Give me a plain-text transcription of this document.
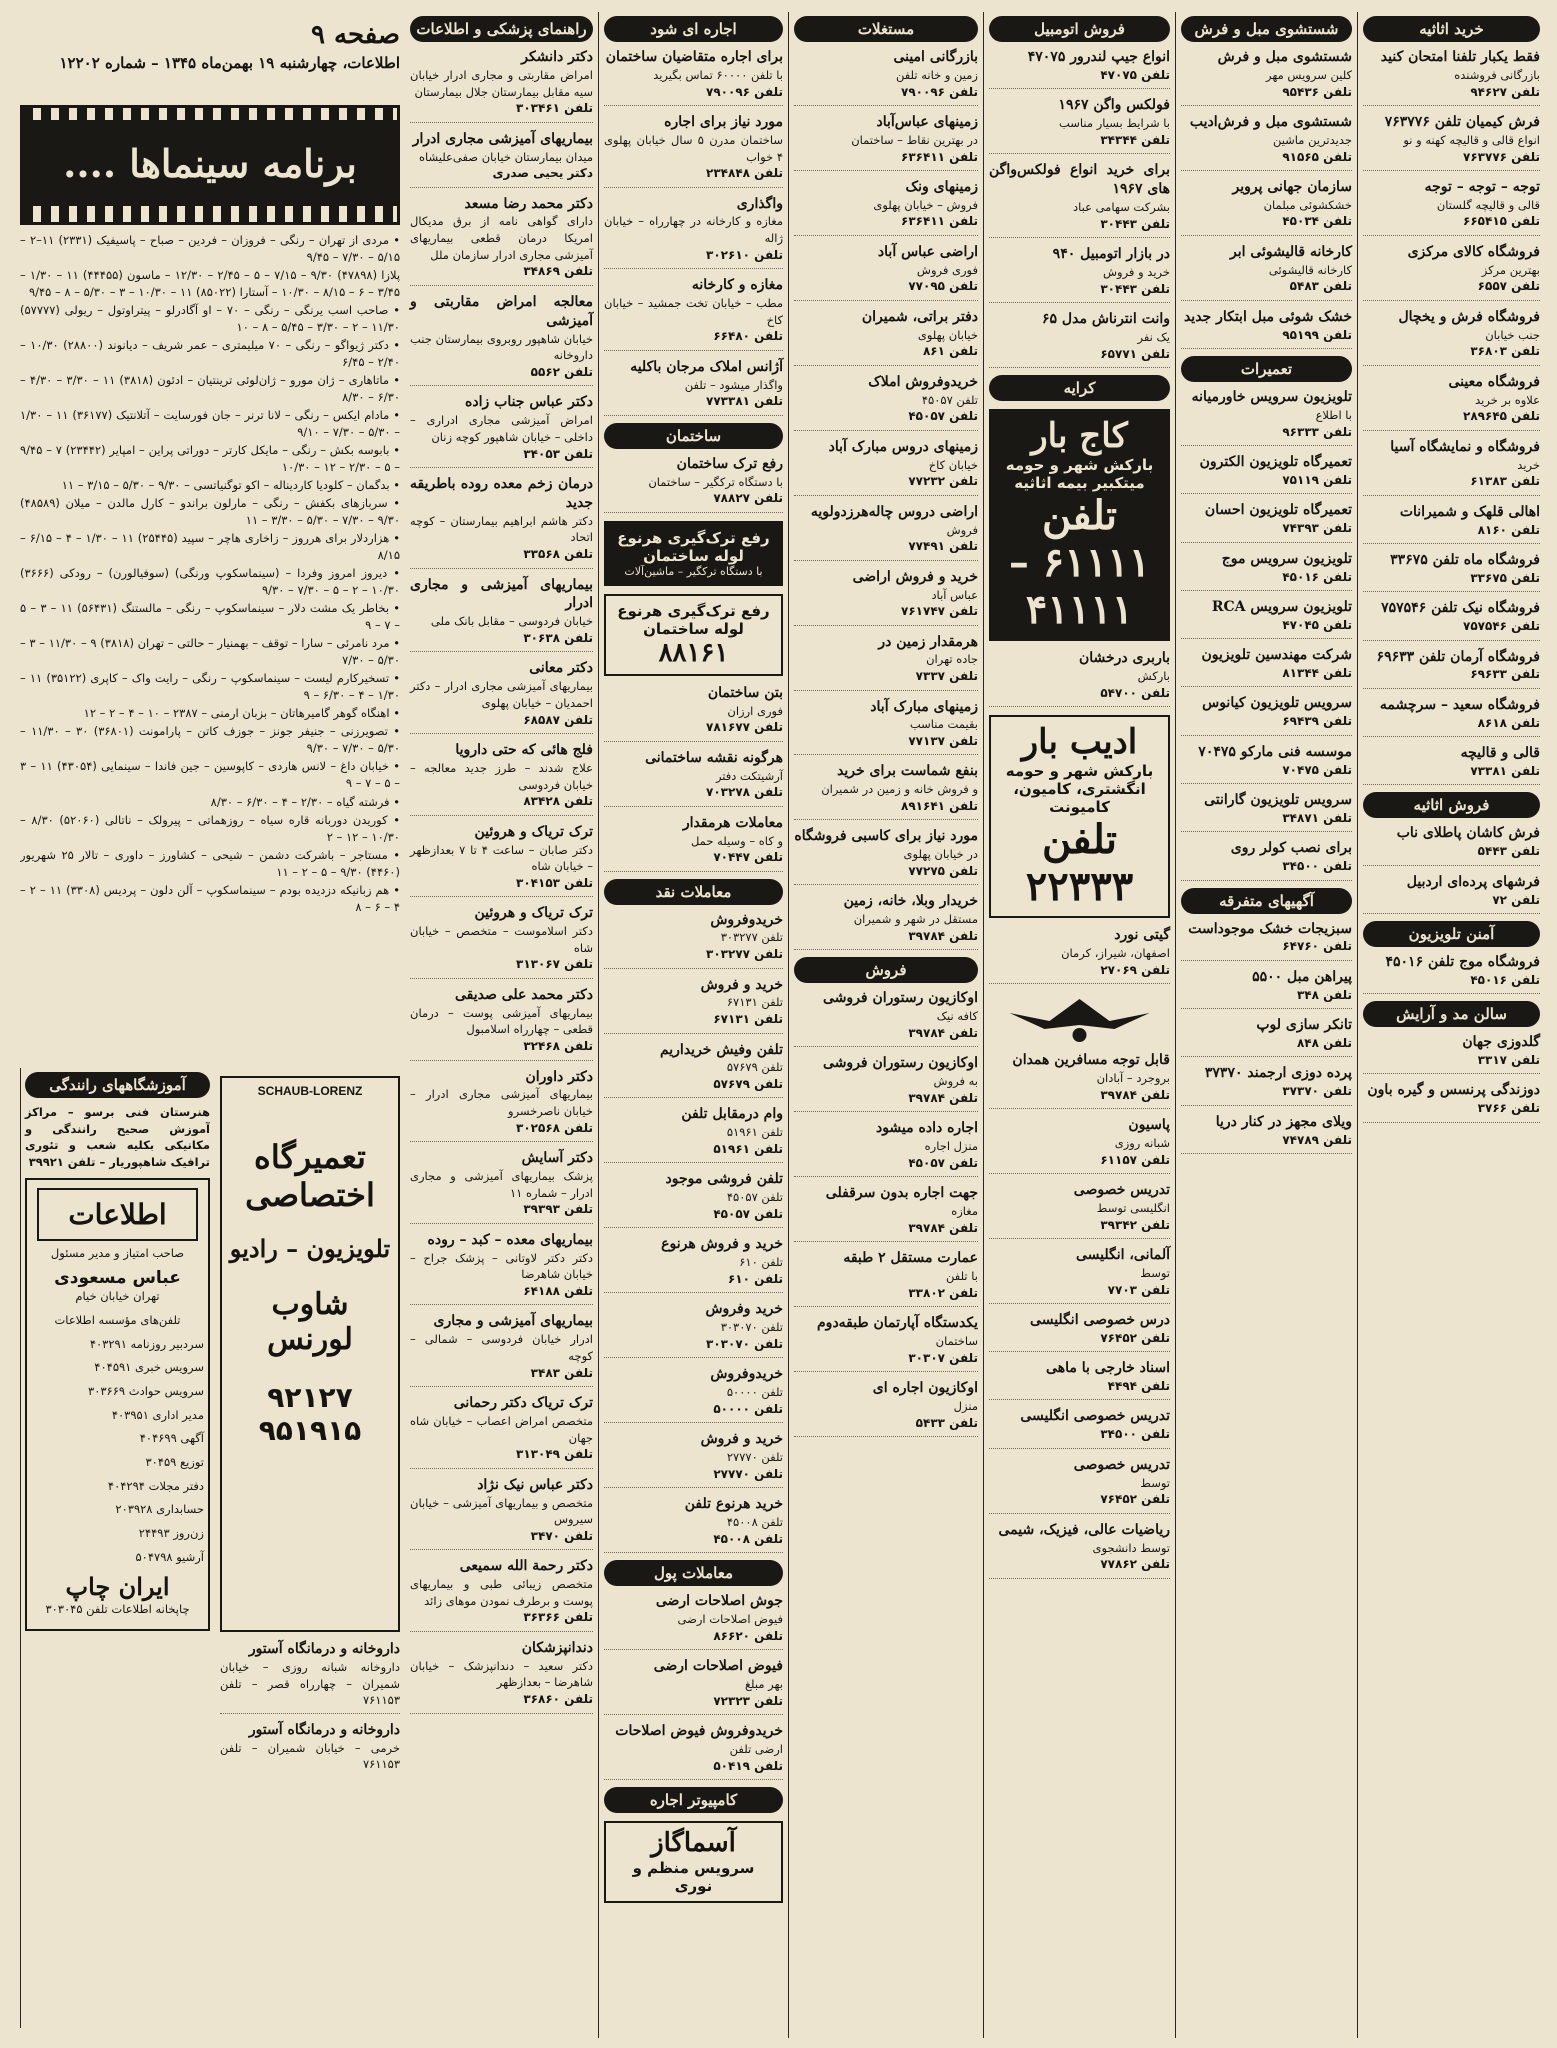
صفحه ۹
اطلاعات، چهارشنبه ۱۹ بهمن‌ماه ۱۳۴۵ – شماره ۱۲۲۰۲
برنامه سینماها ....

• مردی از تهران – رنگی – فروزان – فردین – صباح – پاسیفیک (۲۳۳۱) ۱۱–۲ – ۵/۱۵ – ۷/۳۰ – ۹/۴۵

پلازا (۴۷۸۹۸) ۹/۳۰ – ۷/۱۵ – ۵ – ۲/۴۵ – ۱۲/۳۰ – ماسون (۴۴۴۵۵) ۱۱ – ۱/۳۰ – ۳/۴۵ – ۶ – ۸/۱۵ – ۱۰/۳۰ – آستارا (۸۵۰۲۲) ۱۱ – ۱۰/۳۰ – ۳ – ۵/۳۰ – ۸ – ۹/۴۵

• صاحب اسب یرنگی – رنگی – ۷۰ – او آگادرلو – پیتراوتول – ریولی (۵۷۷۷۷) ۱۱/۳۰ – ۲ – ۳/۳۰ – ۵/۴۵ – ۸ – ۱۰

• دکتر ژیواگو – رنگی – ۷۰ میلیمتری – عمر شریف – دیانوند (۲۸۸۰۰) ۱۰/۳۰ – ۲/۴۰ – ۶/۴۵

• ماتاهاری – ژان مورو – ژان‌لوئی ترینتیان – ادئون (۳۸۱۸) ۱۱ – ۳/۳۰ – ۴/۳۰ – ۶/۳۰ – ۸/۳۰

• مادام ایکس – رنگی – لانا ترنر – جان فورسایت – آتلانتیک (۳۶۱۷۷) ۱۱ – ۱/۳۰ – ۵/۳۰ – ۷/۳۰ – ۹/۱۰

• بابوسه بکش – رنگی – مایکل کارتر – دوراتی پراین – امپایر (۲۳۴۴۲) ۷ – ۹/۴۵ – ۵ – ۲/۳۰ – ۱۲ – ۱۰/۳۰

• بدگمان – کلودیا کاردیناله – اکو توگنیاتسی – ۹/۳۰ – ۵/۳۰ – ۳/۱۵ – ۱۱

• سربازهای بکفش – رنگی – مارلون براندو – کارل مالدن – میلان (۴۸۵۸۹) ۹/۳۰ – ۷/۳۰ – ۵/۳۰ – ۳/۳۰ – ۱۱

• هزاردلار برای هرروز – زاخاری هاچر – سپید (۲۵۴۴۵) ۱۱ – ۱/۳۰ – ۴ – ۶/۱۵ – ۸/۱۵

• دیروز امروز وفردا – (سینماسکوپ ورنگی) (سوفیالورن) – رودکی (۳۶۶۶) ۱۰/۳۰ – ۲ – ۵ – ۷/۳۰ – ۹/۳۰

• بخاطر یک مشت دلار – سینماسکوپ – رنگی – مالستنگ (۵۶۴۳۱) ۱۱ – ۳ – ۵ – ۷ – ۹

• مرد نامرئی – سارا – توقف – بهمنیار – حالتی – تهران (۳۸۱۸) ۹ – ۱۱/۳۰ – ۳ – ۵/۳۰ – ۷/۳۰

• تسخیرکارم لیست – سینماسکوپ – رنگی – رایت واک – کاپری (۳۵۱۲۲) ۱۱ – ۱/۳۰ – ۴ – ۶/۳۰ – ۹

• اهنگاه گوهر گامیرهاتان – بزبان ارمنی – ۲۳۸۷ – ۱۰ – ۴ – ۲ – ۱۲

• تصویرزنی – جنیفر جونز – جوزف کاتن – پارامونت (۳۶۸۰۱) ۳۰ – ۱۱/۳۰ – ۵/۳۰ – ۷/۳۰ – ۹/۳۰

• خیابان داغ – لانس هاردی – کاپوسین – جین فاندا – سینمایی (۴۳۰۵۴) ۱۱ – ۳ – ۵ – ۷ – ۹

• فرشته گیاه – ۲/۳۰ – ۴ – ۶/۳۰ – ۸/۳۰

• کوریدن دوربانه قاره سیاه – روزهماتی – پیرولک – ناتالی (۵۲۰۶۰) ۸/۳۰ – ۱۰/۳۰ – ۱۲ – ۲

• مستاجر – باشرکت دشمن – شیحی – کشاورز – داوری – تالار ۲۵ شهریور (۴۴۶۰) ۹/۳۰ – ۵ – ۲ – ۱۱

• هم زبانیکه دزدیده بودم – سینماسکوپ – آلن دلون – پردیس (۳۳۰۸) ۱۱ – ۲ – ۴ – ۶ – ۸

آموزشگاههای رانندگی
هنرستان فنی برسو – مراکز آموزش صحیح رانندگی و مکانیکی بکلیه شعب و تئوری ترافیک شاهپوریار – تلفن ۳۹۹۲۱
اطلاعات
صاحب امتیاز و مدیر مسئول
عباس مسعودی
تهران خیابان خیام
تلفن‌های مؤسسه اطلاعات
سردبیر روزنامه ۴۰۳۲۹۱
سرویس خبری ۴۰۴۵۹۱
سرویس حوادث ۳۰۳۶۶۹
مدیر اداری ۴۰۳۹۵۱
آگهی ۴۰۴۶۹۹
توزیع ۳۰۴۵۹
دفتر مجلات ۴۰۴۲۹۴
حسابداری ۲۰۳۹۲۸
زن‌روز ۲۴۴۹۳
آرشیو ۵۰۴۷۹۸
ایران چاپ
چاپخانه اطلاعات تلفن ۳۰۳۰۴۵
SCHAUB-LORENZ
تعمیرگاه اختصاصی
تلویزیون – رادیو
شاوب لورنس
۹۲۱۲۷
۹۵۱۹۱۵
داروخانه و درمانگاه آستور
داروخانه شبانه روزی – خیابان شمیران – چهارراه قصر – تلفن ۷۶۱۱۵۳
داروخانه و درمانگاه آستور
خرمی – خیابان شمیران – تلفن ۷۶۱۱۵۳
خرید اثاثیه
فقط یکبار تلفنا امتحان کنید
بازرگانی فروشنده
تلفن ۹۴۶۲۷
فرش کیمیان تلفن ۷۶۳۷۷۶
انواع قالی و قالیچه کهنه و نو
تلفن ۷۶۳۷۷۶
توجه – توجه – توجه
قالی و قالیچه گلستان
تلفن ۶۶۵۴۱۵
فروشگاه کالای مرکزی
بهترین مرکز
تلفن ۶۵۵۷
فروشگاه فرش و یخچال
جنب خیابان
تلفن ۳۶۸۰۳
فروشگاه معینی
علاوه بر خرید
تلفن ۲۸۹۶۴۵
فروشگاه و نمایشگاه آسیا
خرید
تلفن ۶۱۳۸۳
اهالی قلهک و شمیرانات
تلفن ۸۱۶۰
فروشگاه ماه تلفن ۳۳۶۷۵
تلفن ۳۳۶۷۵
فروشگاه نیک تلفن ۷۵۷۵۴۶
تلفن ۷۵۷۵۴۶
فروشگاه آرمان تلفن ۶۹۶۳۳
تلفن ۶۹۶۳۳
فروشگاه سعید – سرچشمه
تلفن ۸۶۱۸
قالی و قالیچه
تلفن ۷۳۳۸۱
فروش اثاثیه
فرش کاشان پاطلای ناب
تلفن ۵۴۴۳
فرشهای پرده‌ای اردبیل
تلفن ۷۲
آمنن تلویزیون
فروشگاه موج تلفن ۴۵۰۱۶
تلفن ۴۵۰۱۶
سالن مد و آرایش
گلدوزی جهان
تلفن ۳۳۱۷
دوزندگی پرنسس و گیره باون
تلفن ۳۷۶۶
شستشوی مبل و فرش
شستشوی مبل و فرش
کلین سرویس مهر
تلفن ۹۵۴۳۶
شستشوی مبل و فرش‌ادیب
جدیدترین ماشین
تلفن ۹۱۵۶۵
سازمان جهانی پرویر
خشکشوئی مبلمان
تلفن ۴۵۰۳۴
کارخانه قالیشوئی ابر
کارخانه قالیشوئی
تلفن ۵۴۸۳
خشک شوئی مبل ابتکار جدید
تلفن ۹۵۱۹۹
تعمیرات
تلویزیون سرویس خاورمیانه
با اطلاع
تلفن ۹۶۳۳۳
تعمیرگاه تلویزیون الکترون
تلفن ۷۵۱۱۹
تعمیرگاه تلویزیون احسان
تلفن ۷۴۳۹۳
تلویزیون سرویس موج
تلفن ۴۵۰۱۶
تلویزیون سرویس RCA
تلفن ۴۷۰۴۵
شرکت مهندسین تلویزیون
تلفن ۸۱۳۴۴
سرویس تلویزیون کیانوس
تلفن ۶۹۴۳۹
موسسه فنی مارکو ۷۰۴۷۵
تلفن ۷۰۴۷۵
سرویس تلویزیون گارانتی
تلفن ۳۴۸۷۱
برای نصب کولر روی
تلفن ۳۴۵۰۰
آگهیهای متفرقه
سبزیجات خشک موجوداست
تلفن ۶۴۷۶۰
پیراهن مبل ۵۵۰۰
تلفن ۳۴۸
تانکر سازی لوپ
تلفن ۸۴۸
پرده دوزی ارجمند ۳۷۳۷۰
تلفن ۳۷۳۷۰
ویلای مجهز در کنار دریا
تلفن ۷۴۷۸۹
فروش اتومبیل
انواع جیپ لندرور ۴۷۰۷۵
تلفن ۴۷۰۷۵
فولکس واگن ۱۹۶۷
با شرایط بسیار مناسب
تلفن ۳۴۳۴۴
برای خرید انواع فولکس‌واگن های ۱۹۶۷
بشرکت سهامی عباد
تلفن ۳۰۴۴۳
در بازار اتومبیل ۹۴۰
خرید و فروش
تلفن ۳۰۴۴۳
وانت انترناش مدل ۶۵
یک نفر
تلفن ۶۵۷۷۱
کرایه
کاج بار
بارکش شهر و حومه
میتکبیر بیمه اثاثیه
تلفن ۶۱۱۱۱ – ۴۱۱۱۱
باربری درخشان
بارکش
تلفن ۵۴۷۰۰
ادیب بار
بارکش شهر و حومه
انگشتری، کامیون، کامیونت
تلفن ۲۲۳۳۳
گیتی نورد
اصفهان، شیراز، کرمان
تلفن ۲۷۰۶۹
قابل توجه مسافرین همدان
بروجرد – آبادان
تلفن ۳۹۷۸۴
پاسیون
شبانه روزی
تلفن ۶۱۱۵۷
تدریس خصوصی
انگلیسی توسط
تلفن ۳۹۳۴۲
آلمانی، انگلیسی
توسط
تلفن ۷۷۰۳
درس خصوصی انگلیسی
تلفن ۷۶۴۵۲
اسناد خارجی با ماهی
تلفن ۴۴۹۴
تدریس خصوصی انگلیسی
تلفن ۳۴۵۰۰
تدریس خصوصی
توسط
تلفن ۷۶۴۵۲
ریاضیات عالی، فیزیک، شیمی
توسط دانشجوی
تلفن ۷۷۸۶۲
مستغلات
بازرگانی امینی
زمین و خانه تلفن
تلفن ۷۹۰۰۹۶
زمینهای عباس‌آباد
در بهترین نقاط – ساختمان
تلفن ۶۳۶۴۱۱
زمینهای ونک
فروش – خیابان پهلوی
تلفن ۶۳۶۴۱۱
اراضی عباس آباد
فوری فروش
تلفن ۷۷۰۹۵
دفتر براتی، شمیران
خیابان پهلوی
تلفن ۸۶۱
خریدوفروش املاک
تلفن ۴۵۰۵۷
تلفن ۴۵۰۵۷
زمینهای دروس مبارک آباد
خیابان کاخ
تلفن ۷۷۲۳۲
اراضی دروس چاله‌هرزدولویه
فروش
تلفن ۷۷۴۹۱
خرید و فروش اراضی
عباس آباد
تلفن ۷۶۱۷۴۷
هرمقدار زمین در
جاده تهران
تلفن ۷۳۳۷
زمینهای مبارک آباد
بقیمت مناسب
تلفن ۷۷۱۳۷
بنفع شماست برای خرید
و فروش خانه و زمین در شمیران
تلفن ۸۹۱۶۴۱
مورد نیاز برای کاسبی فروشگاه
در خیابان پهلوی
تلفن ۷۷۲۷۵
خریدار وبلا، خانه، زمین
مستقل در شهر و شمیران
تلفن ۳۹۷۸۴
فروش
اوکازیون رستوران فروشی
کافه نیک
تلفن ۳۹۷۸۴
اوکازیون رستوران فروشی
به فروش
تلفن ۳۹۷۸۴
اجاره داده میشود
منزل اجاره
تلفن ۴۵۰۵۷
جهت اجاره بدون سرقفلی
مغازه
تلفن ۳۹۷۸۴
عمارت مستقل ۲ طبقه
با تلفن
تلفن ۳۳۸۰۲
یکدستگاه آپارتمان طبقه‌دوم
ساختمان
تلفن ۳۰۳۰۷
اوکازیون اجاره ای
منزل
تلفن ۵۴۳۳
اجاره ای شود
برای اجاره متقاضیان ساختمان
با تلفن ۶۰۰۰۰ تماس بگیرید
تلفن ۷۹۰۰۹۶
مورد نیاز برای اجاره
ساختمان مدرن ۵ سال خیابان پهلوی ۴ خواب
تلفن ۲۳۴۸۴۸
واگذاری
مغازه و کارخانه در چهارراه – خیابان ژاله
تلفن ۳۰۲۶۱۰
مغازه و کارخانه
مطب – خیابان تخت جمشید – خیابان کاخ
تلفن ۶۶۴۸۰
آژانس املاک مرجان باکلیه
واگذار میشود – تلفن
تلفن ۷۷۳۳۸۱
ساختمان
رفع ترک ساختمان
با دستگاه ترکگیر – ساختمان
تلفن ۷۸۸۲۷
رفع ترک‌گیری هرنوع لوله ساختمان
با دستگاه ترکگیر – ماشین‌آلات
رفع ترک‌گیری هرنوع لوله ساختمان
۸۸۱۶۱
بتن ساختمان
فوری ارزان
تلفن ۷۸۱۶۷۷
هرگونه نقشه ساختمانی
آرشیتکت دفتر
تلفن ۷۰۳۲۷۸
معاملات هرمقدار
و کاه – وسیله حمل
تلفن ۷۰۴۴۷
معاملات نقد
خریدوفروش
تلفن ۳۰۳۲۷۷
تلفن ۳۰۳۲۷۷
خرید و فروش
تلفن ۶۷۱۳۱
تلفن ۶۷۱۳۱
تلفن وفیش خریداریم
تلفن ۵۷۶۷۹
تلفن ۵۷۶۷۹
وام درمقابل تلفن
تلفن ۵۱۹۶۱
تلفن ۵۱۹۶۱
تلفن فروشی موجود
تلفن ۴۵۰۵۷
تلفن ۴۵۰۵۷
خرید و فروش هرنوع
تلفن ۶۱۰
تلفن ۶۱۰
خرید وفروش
تلفن ۳۰۳۰۷۰
تلفن ۳۰۳۰۷۰
خریدوفروش
تلفن ۵۰۰۰۰
تلفن ۵۰۰۰۰
خرید و فروش
تلفن ۲۷۷۷۰
تلفن ۲۷۷۷۰
خرید هرنوع تلفن
تلفن ۴۵۰۰۸
تلفن ۴۵۰۰۸
معاملات پول
جوش اصلاحات ارضی
فیوض اصلاحات ارضی
تلفن ۸۶۶۲۰
فیوض اصلاحات ارضی
بهر مبلغ
تلفن ۷۲۳۲۳
خریدوفروش فیوض اصلاحات
ارضی تلفن
تلفن ۵۰۴۱۹
کامپیوتر اجاره
آسماگاز
سرویس منظم و نوری
راهنمای پزشکی و اطلاعات
دکتر دانشکر
امراض مقاربتی و مجاری ادرار خیابان سیه مقابل بیمارستان جلال بیمارستان
تلفن ۳۰۳۴۶۱
بیماریهای آمیزشی مجاری ادرار
میدان بیمارستان خیابان صفی‌علیشاه
دکتر یحیی صدری
دکتر محمد رضا مسعد
دارای گواهی نامه از برق مدیکال امریکا درمان قطعی بیماریهای آمیزشی مجاری ادرار سازمان ملل
تلفن ۳۴۸۶۹
معالجه امراض مقاربتی و آمیزشی
خیابان شاهپور روبروی بیمارستان جنب داروخانه
تلفن ۵۵۶۲
دکتر عباس جناب زاده
امراض آمیزشی مجاری ادراری – داخلی – خیابان شاهپور کوچه زنان
تلفن ۳۴۰۵۳
درمان زخم معده روده باطریقه جدید
دکتر هاشم ابراهیم بیمارستان – کوچه اتحاد
تلفن ۳۳۵۶۸
بیماریهای آمیزشی و مجاری ادرار
خیابان فردوسی – مقابل بانک ملی
تلفن ۳۰۶۳۸
دکتر معانی
بیماریهای آمیزشی مجاری ادرار – دکتر احمدیان – خیابان پهلوی
تلفن ۶۸۵۸۷
فلج هائی که حتی دارویا
علاج شدند – طرز جدید معالجه – خیابان فردوسی
تلفن ۸۳۴۲۸
ترک تریاک و هروئین
دکتر صابان – ساعت ۴ تا ۷ بعدازظهر – خیابان شاه
تلفن ۳۰۴۱۵۳
ترک تریاک و هروئین
دکتر اسلاموست – متخصص – خیابان شاه
تلفن ۳۱۳۰۶۷
دکتر محمد علی صدیقی
بیماریهای آمیزشی پوست – درمان قطعی – چهارراه اسلامبول
تلفن ۳۲۴۶۸
دکتر داوران
بیماریهای آمیزشی مجاری ادرار – خیابان ناصرخسرو
تلفن ۳۰۲۵۶۸
دکتر آسایش
پزشک بیماریهای آمیزشی و مجاری ادرار – شماره ۱۱
تلفن ۳۹۳۹۳
بیماریهای معده – کبد – روده
دکتر دکتر لاوتانی – پزشک جراح – خیابان شاهرضا
تلفن ۶۴۱۸۸
بیماریهای آمیزشی و مجاری
ادرار خیابان فردوسی – شمالی – کوچه
تلفن ۳۴۸۳
ترک تریاک دکتر رحمانی
متخصص امراض اعصاب – خیابان شاه جهان
تلفن ۳۱۳۰۴۹
دکتر عباس نیک نژاد
متخصص و بیماریهای آمیزشی – خیابان سیروس
تلفن ۳۴۷۰
دکتر رحمة الله سمیعی
متخصص زیبائی طبی و بیماریهای پوست و برطرف نمودن موهای زائد
تلفن ۳۶۳۶۶
دندانپزشکان
دکتر سعید – دندانپزشک – خیابان شاهرضا – بعدازظهر
تلفن ۳۶۸۶۰
